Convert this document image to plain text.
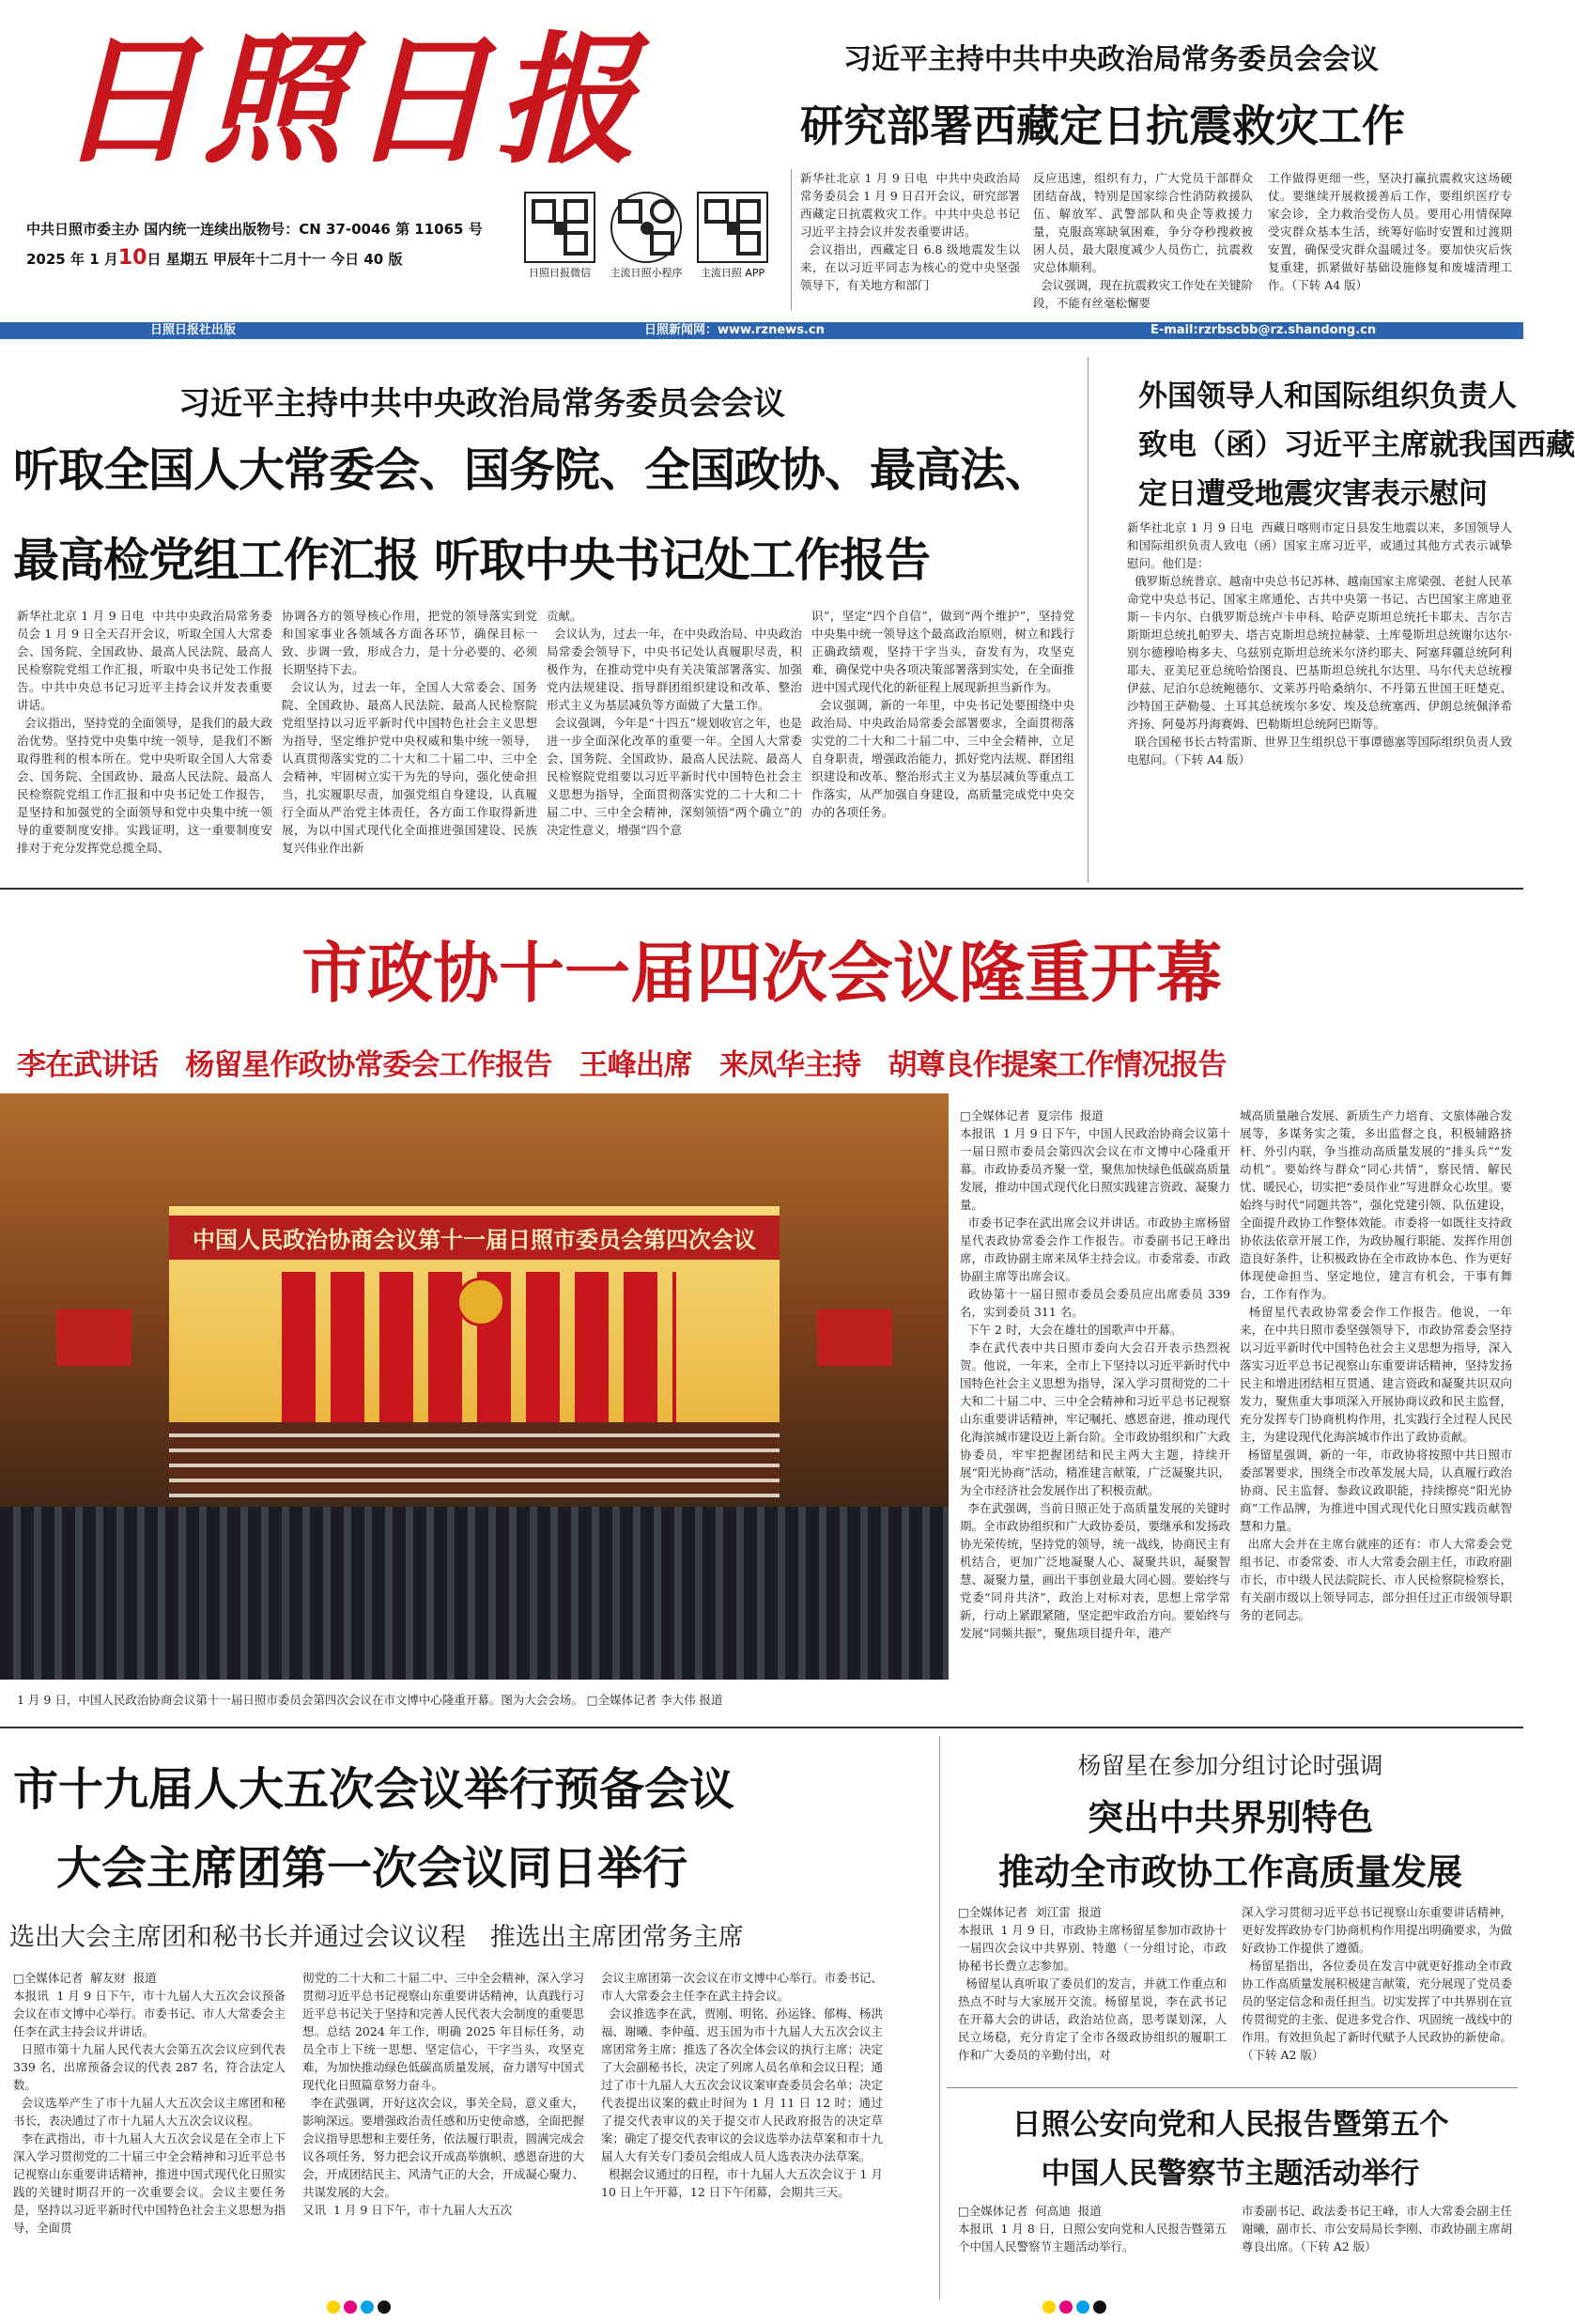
日照日报
中共日照市委主办 国内统一连续出版物号：CN 37-0046 第 11065 号
2025 年 1 月10日 星期五 甲辰年十二月十一 今日 40 版
日照日报微信	主流日照小程序	主流日照 APP
习近平主持中共中央政治局常务委员会会议
研究部署西藏定日抗震救灾工作
新华社北京 1 月 9 日电  中共中央政治局常务委员会 1 月 9 日召开会议，研究部署西藏定日抗震救灾工作。中共中央总书记习近平主持会议并发表重要讲话。
会议指出，西藏定日 6.8 级地震发生以来，在以习近平同志为核心的党中央坚强领导下，有关地方和部门
反应迅速，组织有力，广大党员干部群众团结奋战，特别是国家综合性消防救援队伍、解放军、武警部队和央企等救援力量，克服高寒缺氧困难，争分夺秒搜救被困人员，最大限度减少人员伤亡，抗震救灾总体顺利。
会议强调，现在抗震救灾工作处在关键阶段，不能有丝毫松懈要
工作做得更细一些，坚决打赢抗震救灾这场硬仗。要继续开展救援善后工作，要组织医疗专家会诊，全力救治受伤人员。要用心用情保障受灾群众基本生活，统筹好临时安置和过渡期安置，确保受灾群众温暖过冬。要加快灾后恢复重建，抓紧做好基础设施修复和废墟清理工作。（下转 A4 版）
日照日报社出版	日照新闻网：www.rznews.cn	E-mail:rzrbscbb@rz.shandong.cn
习近平主持中共中央政治局常务委员会会议
听取全国人大常委会、国务院、全国政协、最高法、
最高检党组工作汇报 听取中央书记处工作报告
新华社北京 1 月 9 日电  中共中央政治局常务委员会 1 月 9 日全天召开会议，听取全国人大常委会、国务院、全国政协、最高人民法院、最高人民检察院党组工作汇报，听取中央书记处工作报告。中共中央总书记习近平主持会议并发表重要讲话。
会议指出，坚持党的全面领导，是我们的最大政治优势。坚持党中央集中统一领导，是我们不断取得胜利的根本所在。党中央听取全国人大常委会、国务院、全国政协、最高人民法院、最高人民检察院党组工作汇报和中央书记处工作报告，是坚持和加强党的全面领导和党中央集中统一领导的重要制度安排。实践证明，这一重要制度安排对于充分发挥党总揽全局、
协调各方的领导核心作用，把党的领导落实到党和国家事业各领域各方面各环节，确保目标一致、步调一致，形成合力，是十分必要的、必须长期坚持下去。
会议认为，过去一年，全国人大常委会、国务院、全国政协、最高人民法院、最高人民检察院党组坚持以习近平新时代中国特色社会主义思想为指导，坚定维护党中央权威和集中统一领导，认真贯彻落实党的二十大和二十届二中、三中全会精神，牢固树立实干为先的导向，强化使命担当，扎实履职尽责，加强党组自身建设，认真履行全面从严治党主体责任，各方面工作取得新进展，为以中国式现代化全面推进强国建设、民族复兴伟业作出新
贡献。
会议认为，过去一年，在中央政治局、中央政治局常委会领导下，中央书记处认真履职尽责，积极作为，在推动党中央有关决策部署落实、加强党内法规建设、指导群团组织建设和改革、整治形式主义为基层减负等方面做了大量工作。
会议强调，今年是“十四五”规划收官之年，也是进一步全面深化改革的重要一年。全国人大常委会、国务院、全国政协、最高人民法院、最高人民检察院党组要以习近平新时代中国特色社会主义思想为指导，全面贯彻落实党的二十大和二十届二中、三中全会精神，深刻领悟“两个确立”的决定性意义，增强“四个意
识”，坚定“四个自信”，做到“两个维护”，坚持党中央集中统一领导这个最高政治原则，树立和践行正确政绩观，坚持干字当头，奋发有为，攻坚克难，确保党中央各项决策部署落到实处，在全面推进中国式现代化的新征程上展现新担当新作为。
会议强调，新的一年里，中央书记处要围绕中央政治局、中央政治局常委会部署要求，全面贯彻落实党的二十大和二十届二中、三中全会精神，立足自身职责，增强政治能力，抓好党内法规、群团组织建设和改革、整治形式主义为基层减负等重点工作落实，从严加强自身建设，高质量完成党中央交办的各项任务。
外国领导人和国际组织负责人
致电（函）习近平主席就我国西藏
定日遭受地震灾害表示慰问
新华社北京 1 月 9 日电  西藏日喀则市定日县发生地震以来，多国领导人和国际组织负责人致电（函）国家主席习近平，或通过其他方式表示诚挚慰问。他们是：
俄罗斯总统普京、越南中央总书记苏林、越南国家主席梁强、老挝人民革命党中央总书记、国家主席通伦、古共中央第一书记、古巴国家主席迪亚斯－卡内尔、白俄罗斯总统卢卡申科、哈萨克斯坦总统托卡耶夫、吉尔吉斯斯坦总统扎帕罗夫、塔吉克斯坦总统拉赫蒙、土库曼斯坦总统谢尔达尔·别尔德穆哈梅多夫、乌兹别克斯坦总统米尔济约耶夫、阿塞拜疆总统阿利耶夫、亚美尼亚总统哈恰图良、巴基斯坦总统扎尔达里、马尔代夫总统穆伊兹、尼泊尔总统鲍德尔、文莱苏丹哈桑纳尔、不丹第五世国王旺楚克、沙特国王萨勒曼、土耳其总统埃尔多安、埃及总统塞西、伊朗总统佩泽希齐扬、阿曼苏丹海赛姆、巴勒斯坦总统阿巴斯等。
联合国秘书长古特雷斯、世界卫生组织总干事谭德塞等国际组织负责人致电慰问。（下转 A4 版）
市政协十一届四次会议隆重开幕
李在武讲话   杨留星作政协常委会工作报告   王峰出席   来凤华主持   胡尊良作提案工作情况报告
中国人民政治协商会议第十一届日照市委员会第四次会议
1 月 9 日，中国人民政治协商会议第十一届日照市委员会第四次会议在市文博中心隆重开幕。图为大会会场。 □全媒体记者 李大伟 报道
□全媒体记者  夏宗伟  报道
本报讯  1 月 9 日下午，中国人民政治协商会议第十一届日照市委员会第四次会议在市文博中心隆重开幕。市政协委员齐聚一堂，聚焦加快绿色低碳高质量发展，推动中国式现代化日照实践建言资政、凝聚力量。
市委书记李在武出席会议并讲话。市政协主席杨留星代表政协常委会作工作报告。市委副书记王峰出席，市政协副主席来凤华主持会议。市委常委、市政协副主席等出席会议。
政协第十一届日照市委员会委员应出席委员 339 名，实到委员 311 名。
下午 2 时，大会在雄壮的国歌声中开幕。
李在武代表中共日照市委向大会召开表示热烈祝贺。他说，一年来，全市上下坚持以习近平新时代中国特色社会主义思想为指导，深入学习贯彻党的二十大和二十届二中、三中全会精神和习近平总书记视察山东重要讲话精神，牢记嘱托、感恩奋进，推动现代化海滨城市建设迈上新台阶。全市政协组织和广大政协委员，牢牢把握团结和民主两大主题，持续开展“阳光协商”活动，精准建言献策，广泛凝聚共识，为全市经济社会发展作出了积极贡献。
李在武强调，当前日照正处于高质量发展的关键时期。全市政协组织和广大政协委员，要继承和发扬政协光荣传统，坚持党的领导，统一战线，协商民主有机结合，更加广泛地凝聚人心、凝聚共识，凝聚智慧、凝聚力量，画出干事创业最大同心圆。要始终与党委“同舟共济”，政治上对标对表，思想上常学常新，行动上紧跟紧随，坚定把牢政治方向。要始终与发展“同频共振”，聚焦项目提升年，港产
城高质量融合发展、新质生产力培育、文旅体融合发展等，多谋务实之策，多出监督之良，积极辅路挤杆、外引内联，争当推动高质量发展的“排头兵”“发动机”。要始终与群众“同心共情”，察民情、解民忧、暖民心，切实把“委员作业”写进群众心坎里。要始终与时代“同题共答”，强化党建引领、队伍建设，全面提升政协工作整体效能。市委将一如既往支持政协依法依章开展工作，为政协履行职能、发挥作用创造良好条件，让积极政协在全市政协本色、作为更好体现使命担当、坚定地位，建言有机会，干事有舞台，工作有作为。
杨留星代表政协常委会作工作报告。他说，一年来，在中共日照市委坚强领导下，市政协常委会坚持以习近平新时代中国特色社会主义思想为指导，深入落实习近平总书记视察山东重要讲话精神，坚持发扬民主和增进团结相互贯通、建言资政和凝聚共识双向发力，聚焦重大事项深入开展协商议政和民主监督，充分发挥专门协商机构作用，扎实践行全过程人民民主，为建设现代化海滨城市作出了政协贡献。
杨留星强调，新的一年，市政协将按照中共日照市委部署要求，围绕全市改革发展大局，认真履行政治协商、民主监督、参政议政职能，持续擦亮“阳光协商”工作品牌，为推进中国式现代化日照实践贡献智慧和力量。
出席大会并在主席台就座的还有：市人大常委会党组书记、市委常委、市人大常委会副主任，市政府副市长，市中级人民法院院长、市人民检察院检察长，有关副市级以上领导同志，部分担任过正市级领导职务的老同志。
市十九届人大五次会议举行预备会议
大会主席团第一次会议同日举行
选出大会主席团和秘书长并通过会议议程   推选出主席团常务主席
□全媒体记者  解友财  报道
本报讯  1 月 9 日下午，市十九届人大五次会议预备会议在市文博中心举行。市委书记、市人大常委会主任李在武主持会议并讲话。
日照市第十九届人民代表大会第五次会议应到代表 339 名，出席预备会议的代表 287 名，符合法定人数。
会议选举产生了市十九届人大五次会议主席团和秘书长，表决通过了市十九届人大五次会议议程。
李在武指出，市十九届人大五次会议是在全市上下深入学习贯彻党的二十届三中全会精神和习近平总书记视察山东重要讲话精神，推进中国式现代化日照实践的关键时期召开的一次重要会议。会议主要任务是，坚持以习近平新时代中国特色社会主义思想为指导，全面贯
彻党的二十大和二十届二中、三中全会精神，深入学习贯彻习近平总书记视察山东重要讲话精神，认真践行习近平总书记关于坚持和完善人民代表大会制度的重要思想。总结 2024 年工作，明确 2025 年目标任务，动员全市上下统一思想、坚定信心，干字当头，攻坚克难，为加快推动绿色低碳高质量发展，奋力谱写中国式现代化日照篇章努力奋斗。
李在武强调，开好这次会议，事关全局，意义重大，影响深远。要增强政治责任感和历史使命感，全面把握会议指导思想和主要任务，依法履行职责，圆满完成会议各项任务，努力把会议开成高举旗帜、感恩奋进的大会，开成团结民主、风清气正的大会，开成凝心聚力、共谋发展的大会。
又讯  1 月 9 日下午，市十九届人大五次
会议主席团第一次会议在市文博中心举行。市委书记、市人大常委会主任李在武主持会议。
会议推选李在武，贾刚、明铭、孙运锋、郁梅、杨洪福、谢曦、李仲蕴、迟玉国为市十九届人大五次会议主席团常务主席；推选了各次全体会议的执行主席；决定了大会副秘书长，决定了列席人员名单和会议日程；通过了市十九届人大五次会议议案审查委员会名单；决定代表提出议案的截止时间为 1 月 11 日 12 时；通过了提交代表审议的关于提交市人民政府报告的决定草案；确定了提交代表审议的会议选举办法草案和市十九届人大有关专门委员会组成人员人选表决办法草案。
根据会议通过的日程，市十九届人大五次会议于 1 月 10 日上午开幕，12 日下午闭幕，会期共三天。
杨留星在参加分组讨论时强调
突出中共界别特色
推动全市政协工作高质量发展
□全媒体记者  刘江雷  报道
本报讯  1 月 9 日，市政协主席杨留星参加市政协十一届四次会议中共界别、特邀（一分组讨论，市政协秘书长费立志参加。
杨留星认真听取了委员们的发言，并就工作重点和热点不时与大家展开交流。杨留星说，李在武书记在开幕大会的讲话，政治站位高，思考谋划深，人民立场稳，充分肯定了全市各级政协组织的履职工作和广大委员的辛勤付出，对
深入学习贯彻习近平总书记视察山东重要讲话精神，更好发挥政协专门协商机构作用提出明确要求，为做好政协工作提供了遵循。
杨留星指出，各位委员在发言中就更好推动全市政协工作高质量发展积极建言献策，充分展现了党员委员的坚定信念和责任担当。切实发挥了中共界别在宣传贯彻党的主张、促进多党合作、巩固统一战线中的作用。有效担负起了新时代赋予人民政协的新使命。（下转 A2 版）
日照公安向党和人民报告暨第五个
中国人民警察节主题活动举行
□全媒体记者  何高迪  报道
本报讯  1 月 8 日，日照公安向党和人民报告暨第五个中国人民警察节主题活动举行。
市委副书记、政法委书记王峰，市人大常委会副主任谢曦，副市长、市公安局局长李刚、市政协副主席胡尊良出席。（下转 A2 版）
